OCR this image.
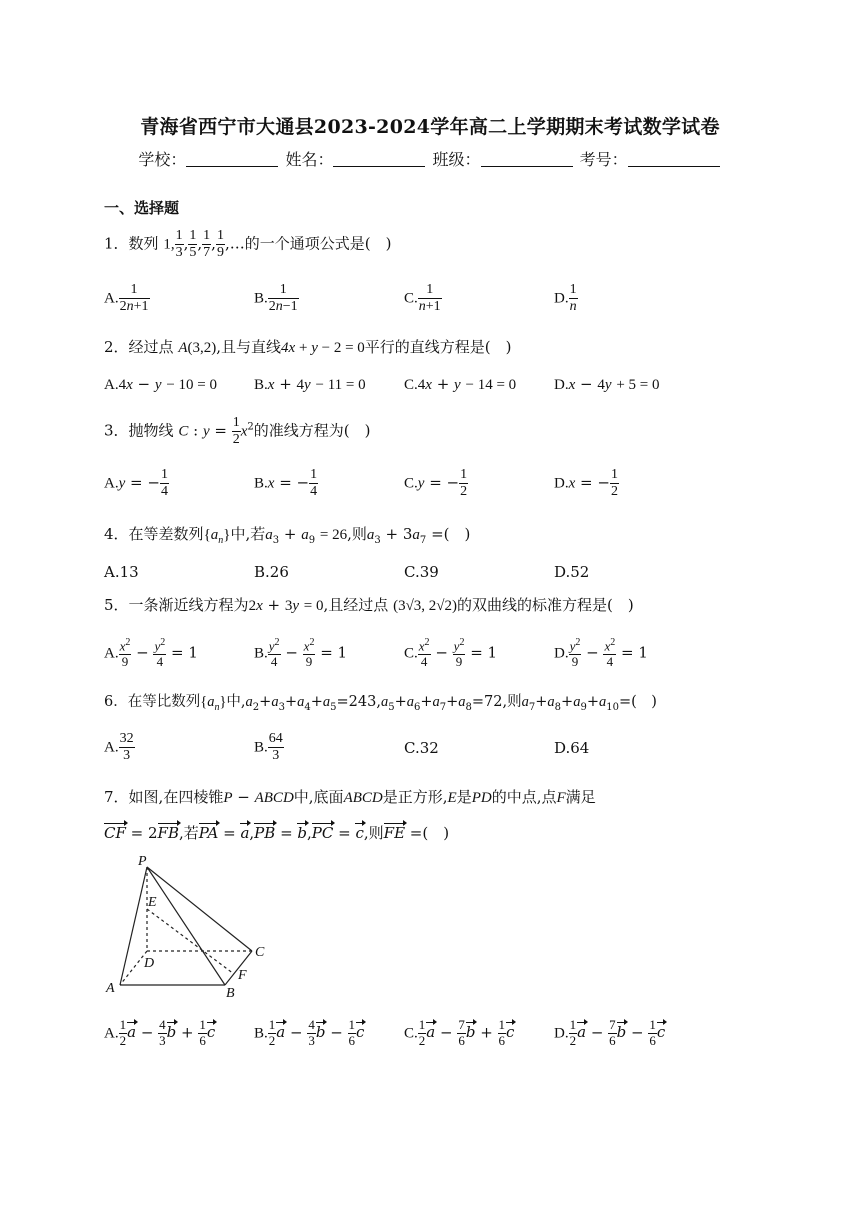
青海省西宁市大通县2023-2024学年高二上学期期末考试数学试卷
学校：	姓名：	班级：	考号：
一、选择题
1．数列 1, $\frac{1}{3}$ , $\frac{1}{5}$ , $\frac{1}{7}$ , $\frac{1}{9}$ ,…的一个通项公式是(　)
A. $\frac{1}{2n+1}$	B. $\frac{1}{2n-1}$	C. $\frac{1}{n+1}$	D. $\frac{1}{n}$
2．经过点 A(3,2),且与直线4x + y − 2 = 0平行的直线方程是(　)
A.4x − y − 10 = 0 B.x + 4y − 11 = 0	C.4x + y − 14 = 0	D.x − 4y + 5 = 0
3．抛物线 C : $y = \frac{1}{2} x^2$的准线方程为(　)
A.y = − $\frac{1}{4}$	B.x = − $\frac{1}{4}$	C.y = − $\frac{1}{2}$	D.x = − $\frac{1}{2}$
4．在等差数列$\{a_n\}$中,若$a_3 + a_9 = 26$,则$a_3 + 3a_7$ =(　)
A.13	B.26	C.39	D.52
5．一条渐近线方程为2x + 3y = 0,且经过点 (3√3, 2√2)的双曲线的标准方程是(　)
A. $\frac{x^2}{9} - \frac{y^2}{4} = 1$	B. $\frac{y^2}{4} - \frac{x^2}{9} = 1$	C. $\frac{x^2}{4} - \frac{y^2}{9} = 1$	D. $\frac{y^2}{9} - \frac{x^2}{4} = 1$
6．在等比数列$\{a_n\}$中$,a_2+a_3+a_4+a_5=243,a_5+a_6+a_7+a_8=72$,则$a_7+a_8+a_9+a_{10}=$(　)
A. $\frac{32}{3}$	B. $\frac{64}{3}$	C.32	D.64
7．如图,在四棱锥P − ABCD中,底面ABCD是正方形,E是PD的中点,点F满足
CF = 2FB,若PA = a,PB = b,PC = c,则FE =(　)
P
E
C
D
F
A	B
A. $\frac{1}{2}$ $a - \frac{4}{3}$ $b + \frac{1}{6}$ c	B. $\frac{1}{2}$ $a - \frac{4}{3}$ $b - \frac{1}{6}$ c	C. $\frac{1}{2}$ $a - \frac{7}{6}$ $b + \frac{1}{6}$ c	D. $\frac{1}{2}$ $a - \frac{7}{6}$ $b - \frac{1}{6}$ c
